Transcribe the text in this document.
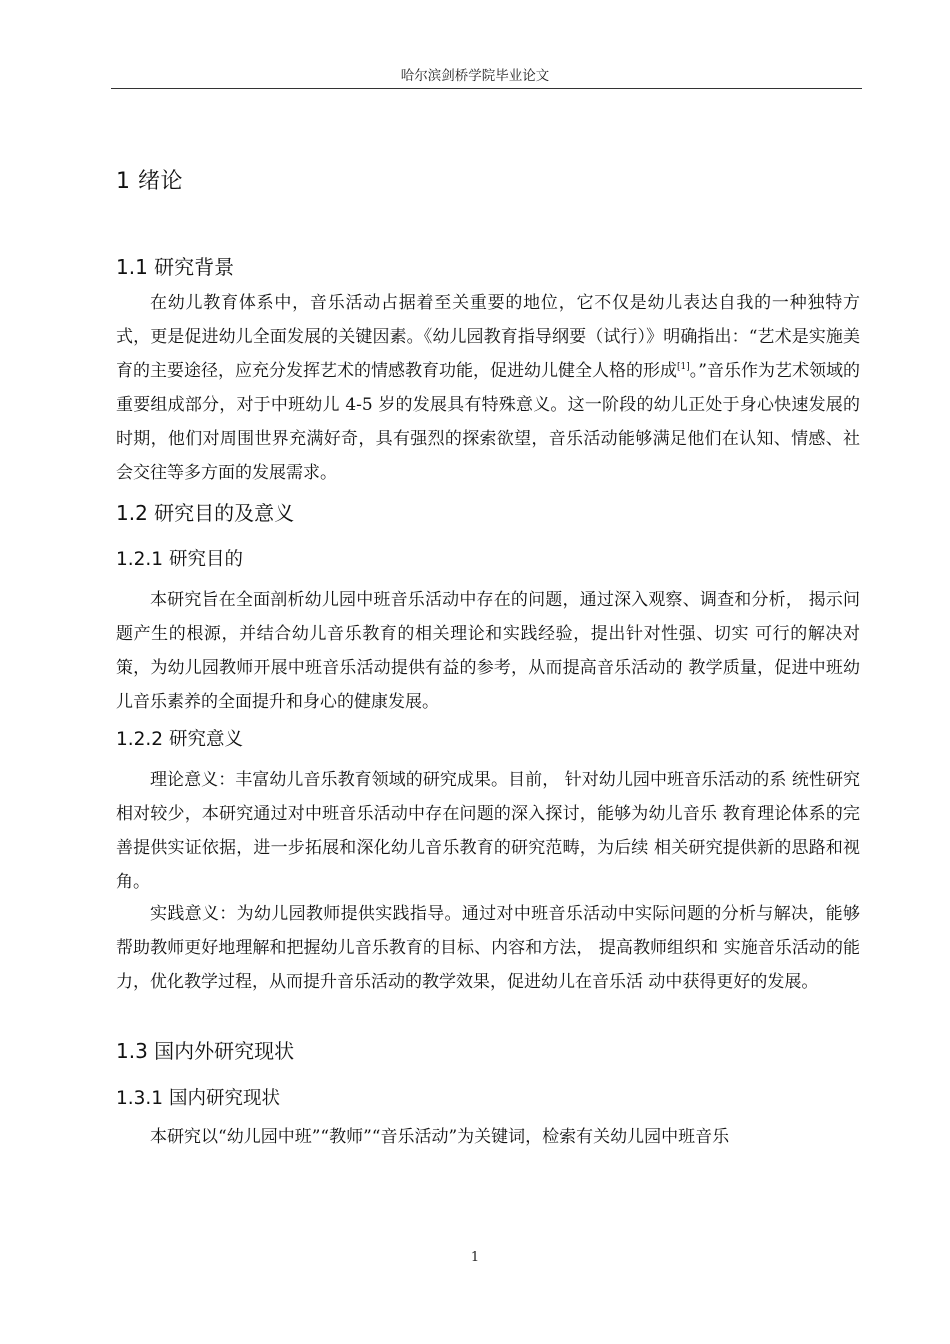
哈尔滨剑桥学院毕业论文
1 绪论
1.1 研究背景

在幼儿教育体系中，音乐活动占据着至关重要的地位，它不仅是幼儿表达自我的一种独特方式，更是促进幼儿全面发展的关键因素。《幼儿园教育指导纲要（试行）》明确指出：“艺术是实施美育的主要途径，应充分发挥艺术的情感教育功能，促进幼儿健全人格的形成[1]。”音乐作为艺术领域的重要组成部分，对于中班幼儿 4-5 岁的发展具有特殊意义。这一阶段的幼儿正处于身心快速发展的时期，他们对周围世界充满好奇，具有强烈的探索欲望，音乐活动能够满足他们在认知、情感、社会交往等多方面的发展需求。

1.2 研究目的及意义
1.2.1 研究目的

本研究旨在全面剖析幼儿园中班音乐活动中存在的问题，通过深入观察、调查和分析， 揭示问题产生的根源，并结合幼儿音乐教育的相关理论和实践经验，提出针对性强、切实 可行的解决对策，为幼儿园教师开展中班音乐活动提供有益的参考，从而提高音乐活动的 教学质量，促进中班幼儿音乐素养的全面提升和身心的健康发展。

1.2.2 研究意义

理论意义：丰富幼儿音乐教育领域的研究成果。目前， 针对幼儿园中班音乐活动的系 统性研究相对较少，本研究通过对中班音乐活动中存在问题的深入探讨，能够为幼儿音乐 教育理论体系的完善提供实证依据，进一步拓展和深化幼儿音乐教育的研究范畴，为后续 相关研究提供新的思路和视角。

实践意义：为幼儿园教师提供实践指导。通过对中班音乐活动中实际问题的分析与解决，能够帮助教师更好地理解和把握幼儿音乐教育的目标、内容和方法， 提高教师组织和 实施音乐活动的能力，优化教学过程，从而提升音乐活动的教学效果，促进幼儿在音乐活 动中获得更好的发展。

1.3 国内外研究现状
1.3.1 国内研究现状

本研究以“幼儿园中班”“教师”“音乐活动”为关键词，检索有关幼儿园中班音乐

1
